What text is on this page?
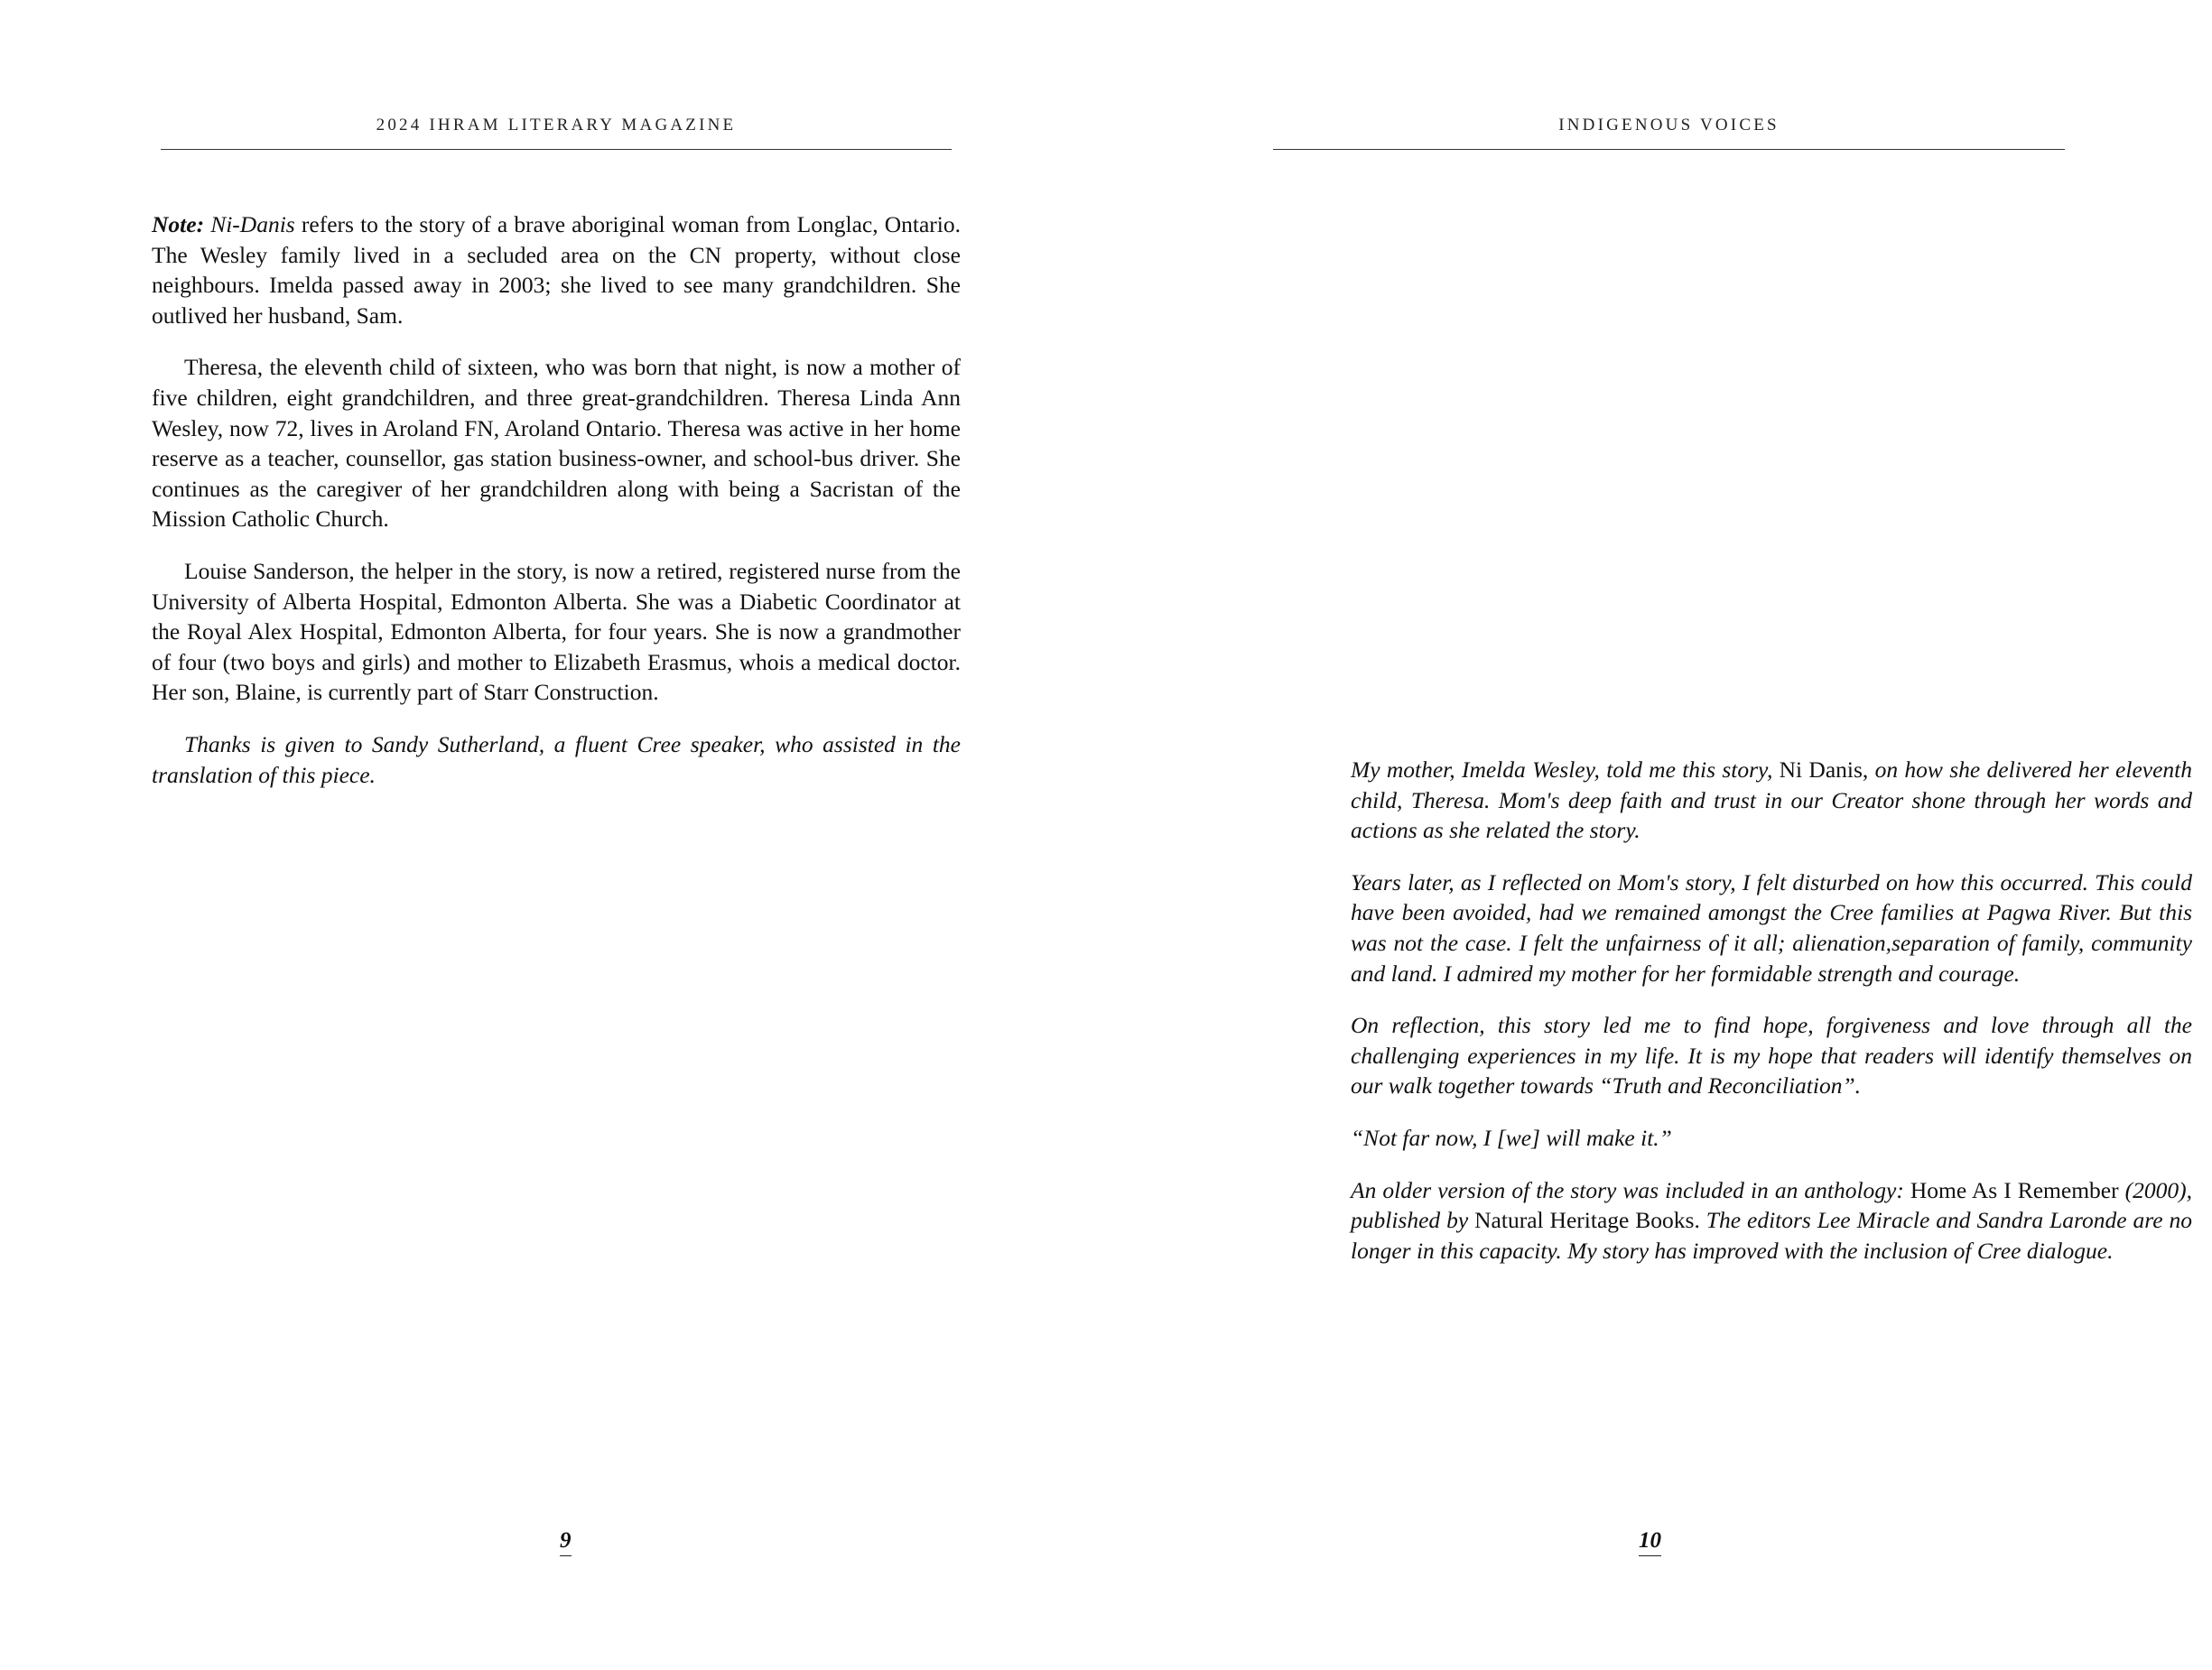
2024 IHRAM LITERARY MAGAZINE

Note: Ni-Danis refers to the story of a brave aboriginal woman from Longlac, Ontario. The Wesley family lived in a secluded area on the CN property, without close neighbours. Imelda passed away in 2003; she lived to see many grandchildren. She outlived her husband, Sam.

Theresa, the eleventh child of sixteen, who was born that night, is now a mother of five children, eight grandchildren, and three great-grandchildren. Theresa Linda Ann Wesley, now 72, lives in Aroland FN, Aroland Ontario. Theresa was active in her home reserve as a teacher, counsellor, gas station business-owner, and school-bus driver. She continues as the caregiver of her grandchildren along with being a Sacristan of the Mission Catholic Church.

Louise Sanderson, the helper in the story, is now a retired, registered nurse from the University of Alberta Hospital, Edmonton Alberta. She was a Diabetic Coordinator at the Royal Alex Hospital, Edmonton Alberta, for four years. She is now a grandmother of four (two boys and girls) and mother to Elizabeth Erasmus, whois a medical doctor. Her son, Blaine, is currently part of Starr Construction.

Thanks is given to Sandy Sutherland, a fluent Cree speaker, who assisted in the translation of this piece.

9
INDIGENOUS VOICES

My mother, Imelda Wesley, told me this story, Ni Danis, on how she delivered her eleventh child, Theresa. Mom's deep faith and trust in our Creator shone through her words and actions as she related the story.

Years later, as I reflected on Mom's story, I felt disturbed on how this occurred. This could have been avoided, had we remained amongst the Cree families at Pagwa River. But this was not the case. I felt the unfairness of it all; alienation,separation of family, community and land. I admired my mother for her formidable strength and courage.

On reflection, this story led me to find hope, forgiveness and love through all the challenging experiences in my life. It is my hope that readers will identify themselves on our walk together towards “Truth and Reconciliation”.

“Not far now, I [we] will make it.”

An older version of the story was included in an anthology: Home As I Remember (2000), published by Natural Heritage Books. The editors Lee Miracle and Sandra Laronde are no longer in this capacity. My story has improved with the inclusion of Cree dialogue.

10
